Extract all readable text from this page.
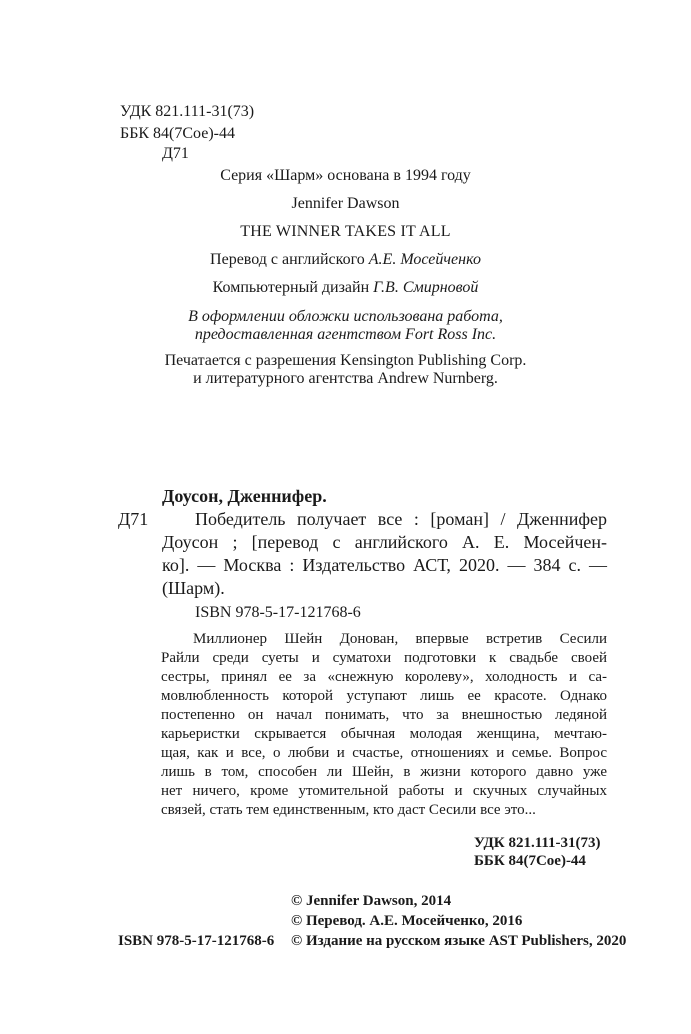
УДК 821.111-31(73)
ББК 84(7Сое)-44
Д71
Серия «Шарм» основана в 1994 году
Jennifer Dawson
THE WINNER TAKES IT ALL
Перевод с английского А.Е. Мосейченко
Компьютерный дизайн Г.В. Смирновой
В оформлении обложки использована работа,
предоставленная агентством Fort Ross Inc.
Печатается с разрешения Kensington Publishing Corp.
и литературного агентства Andrew Nurnberg.
Доусон, Дженнифер.
Д71	Победитель получает все : [роман] / Дженнифер
Доусон ; [перевод с английского А. Е. Мосейчен-
ко]. — Москва : Издательство АСТ, 2020. — 384 с. —
(Шарм).
ISBN 978-5-17-121768-6
Миллионер Шейн Донован, впервые встретив Сесили
Райли среди суеты и суматохи подготовки к свадьбе своей
сестры, принял ее за «снежную королеву», холодность и са-
мовлюбленность которой уступают лишь ее красоте. Однако
постепенно он начал понимать, что за внешностью ледяной
карьеристки скрывается обычная молодая женщина, мечтаю-
щая, как и все, о любви и счастье, отношениях и семье. Вопрос
лишь в том, способен ли Шейн, в жизни которого давно уже
нет ничего, кроме утомительной работы и скучных случайных
связей, стать тем единственным, кто даст Сесили все это...
УДК 821.111-31(73)
ББК 84(7Сое)-44
© Jennifer Dawson, 2014
© Перевод. А.Е. Мосейченко, 2016
© Издание на русском языке AST Publishers, 2020
ISBN 978-5-17-121768-6
